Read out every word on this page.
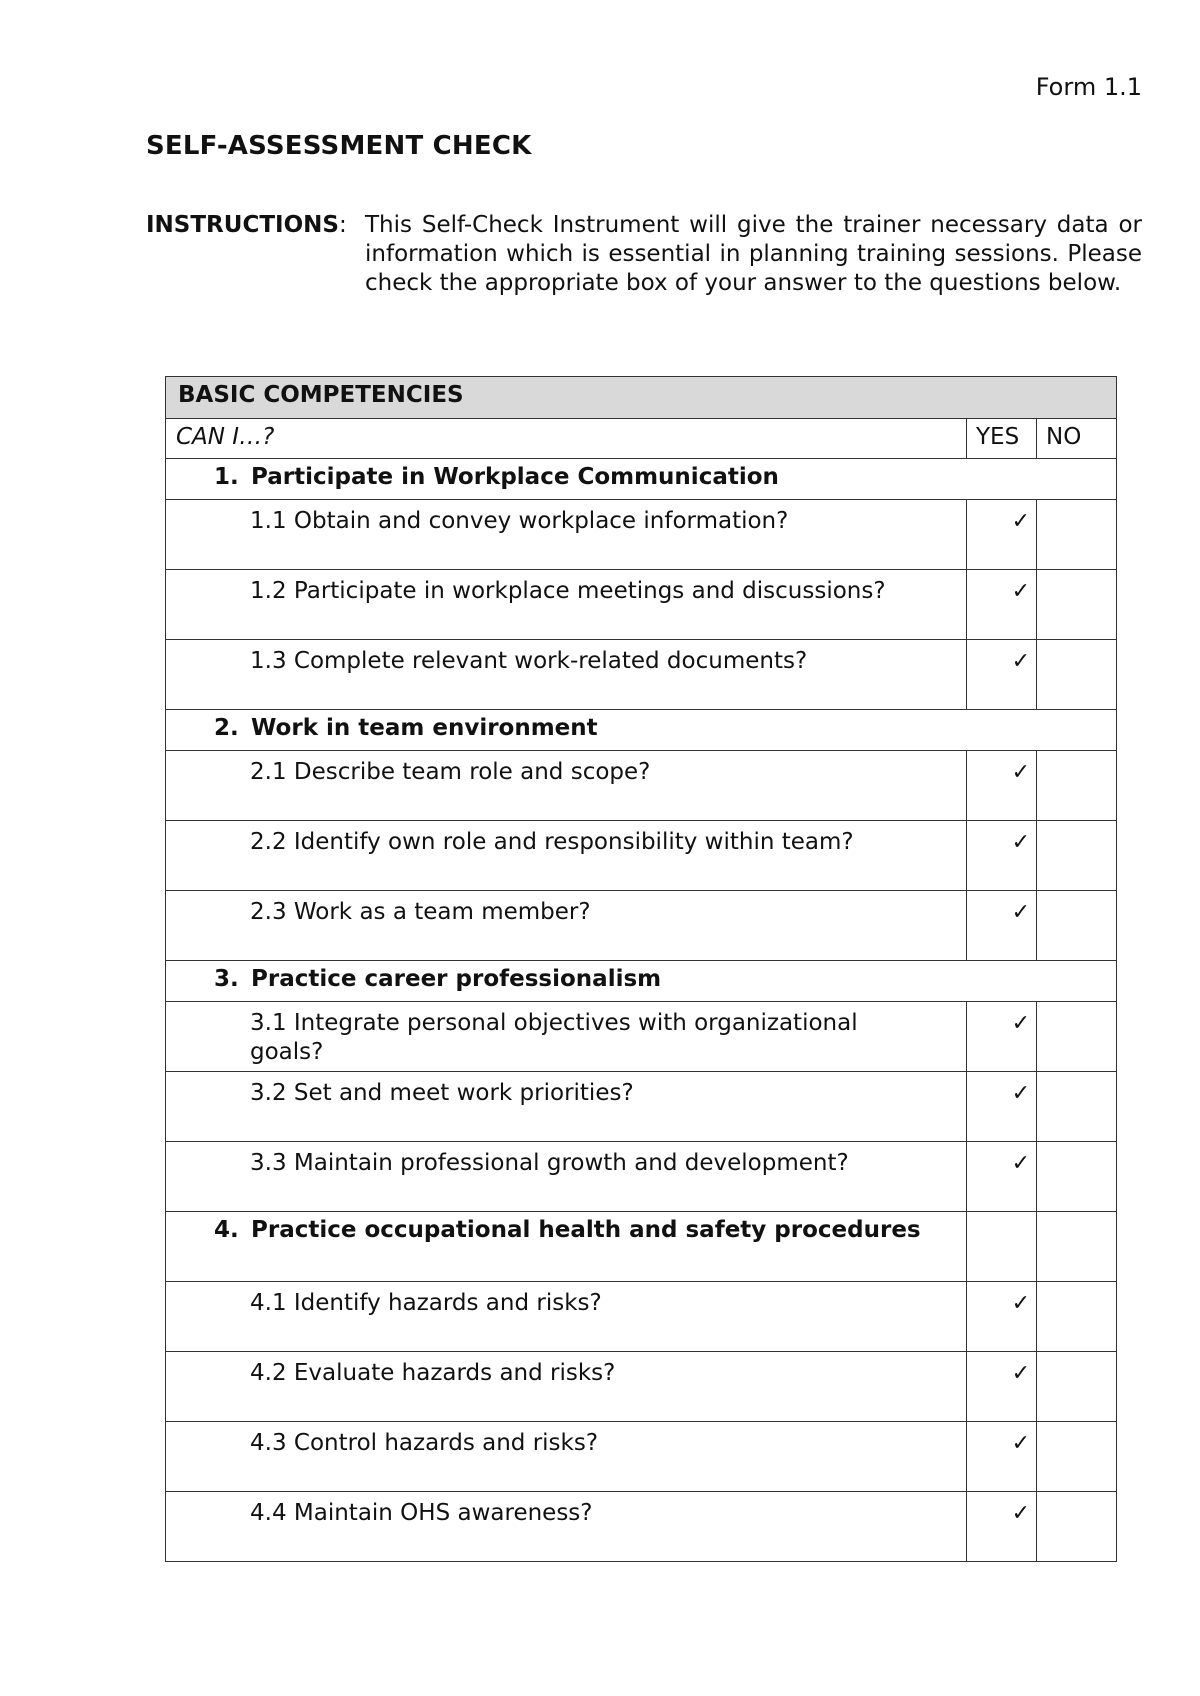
Form 1.1
SELF-ASSESSMENT CHECK
INSTRUCTIONS: This Self-Check Instrument will give the trainer necessary data or information which is essential in planning training sessions. Please check the appropriate box of your answer to the questions below.
BASIC COMPETENCIES		
CAN I…?	YES	NO

1. Participate in Workplace Communication		

1.1 Obtain and convey workplace information?	✓	
1.2 Participate in workplace meetings and discussions?	✓	
1.3 Complete relevant work-related documents?	✓	

2. Work in team environment		

2.1 Describe team role and scope?	✓	
2.2 Identify own role and responsibility within team?	✓	
2.3 Work as a team member?	✓	

3. Practice career professionalism		

3.1 Integrate personal objectives with organizational goals?	✓	
3.2 Set and meet work priorities?	✓	
3.3 Maintain professional growth and development?	✓	

4. Practice occupational health and safety procedures		

4.1 Identify hazards and risks?	✓	
4.2 Evaluate hazards and risks?	✓	
4.3 Control hazards and risks?	✓	
4.4 Maintain OHS awareness?	✓	
